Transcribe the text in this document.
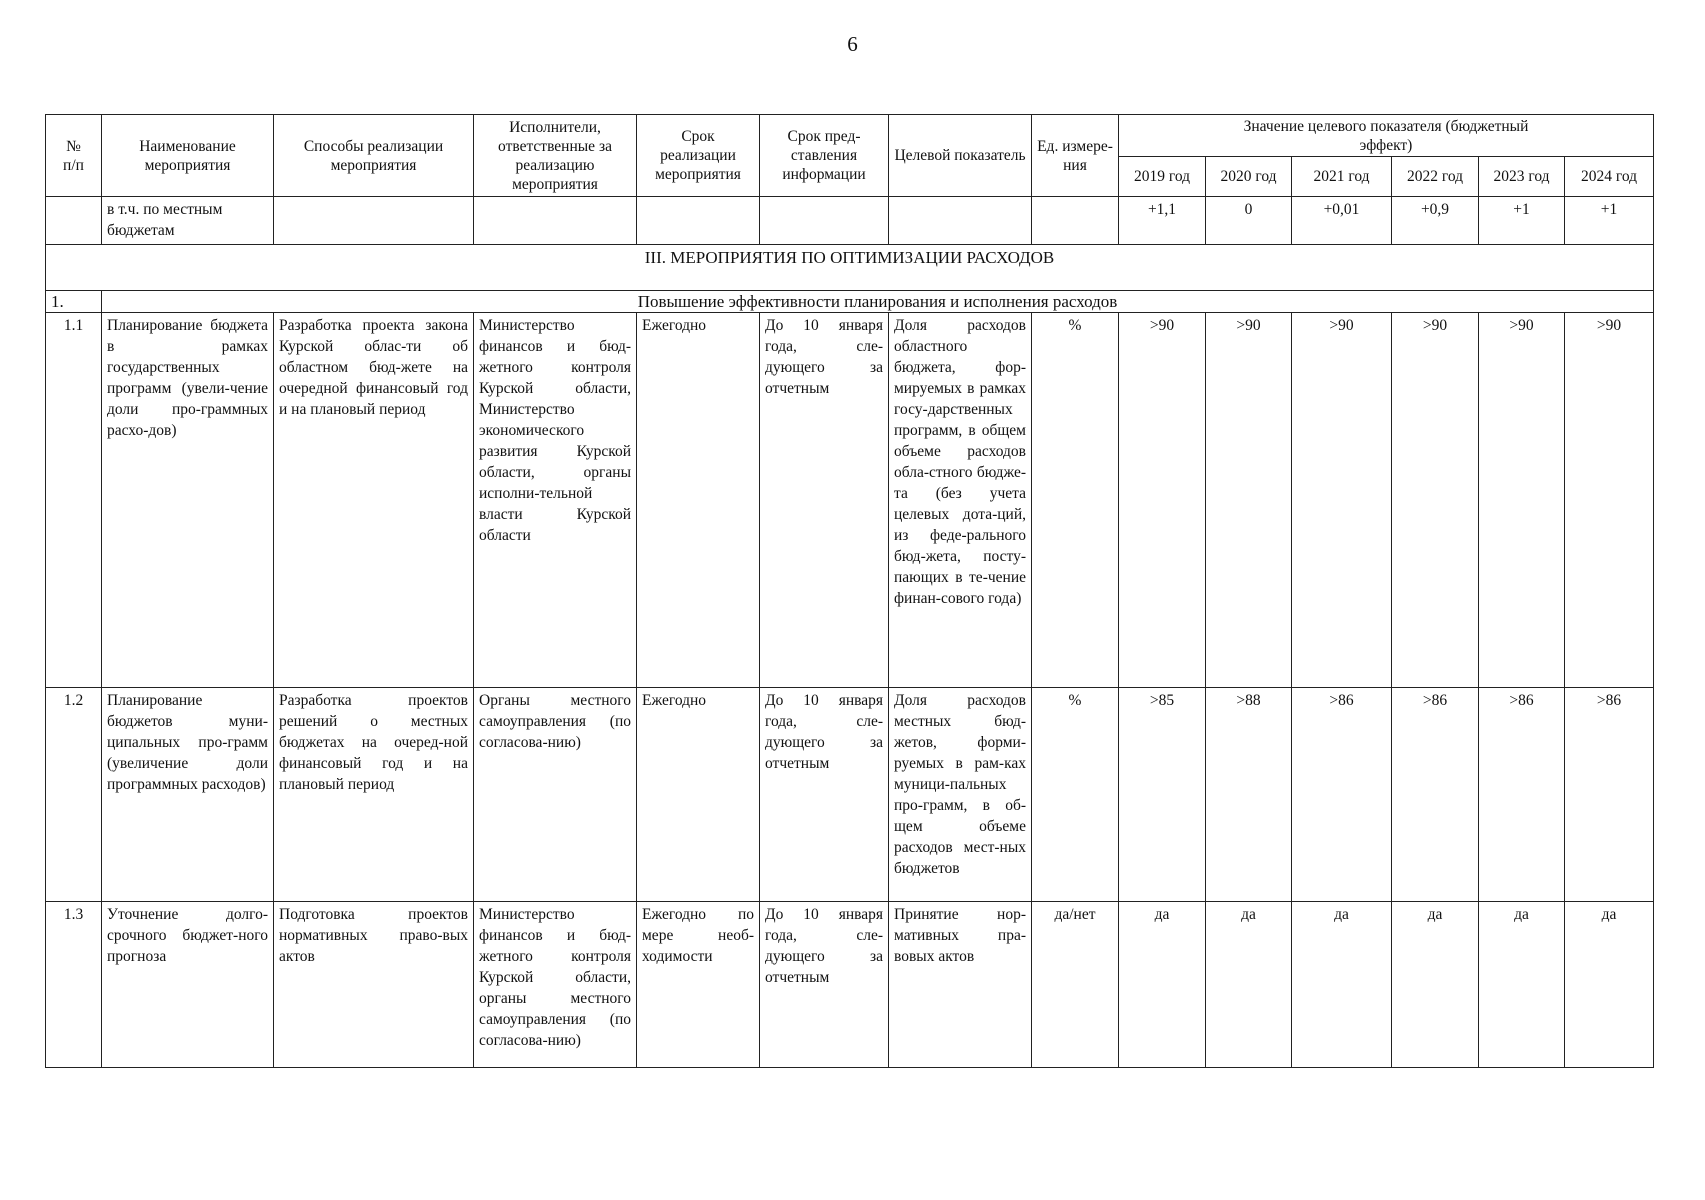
6
№
п/п	Наименование мероприятия	Способы реализации мероприятия	Исполнители, ответственные за реализацию мероприятия	Срок реализации мероприятия	Срок пред-ставления информации	Целевой показатель	Ед. измере-ния	Значение целевого показателя (бюджетный эффект)					
								2019 год	2020 год	2021 год	2022 год	2023 год	2024 год
	в т.ч. по местным бюджетам							+1,1	0	+0,01	+0,9	+1	+1
III. МЕРОПРИЯТИЯ ПО ОПТИМИЗАЦИИ РАСХОДОВ													
1.	Повышение эффективности планирования и исполнения расходов												
1.1	Планирование бюджета в рамках государственных программ (увели-чение доли про-граммных расхо-дов)	Разработка проекта закона Курской облас-ти об областном бюд-жете на очередной финансовый год и на плановый период	Министерство финансов и бюд-жетного контроля Курской области, Министерство экономического развития Курской области, органы исполни-тельной власти Курской области	Ежегодно	До 10 января года, сле-дующего за отчетным	Доля расходов областного бюджета, фор-мируемых в рамках госу-дарственных программ, в общем объеме расходов обла-стного бюдже-та (без учета целевых дота-ций, из феде-рального бюд-жета, посту-пающих в те-чение финан-сового года)	%	>90	>90	>90	>90	>90	>90
1.2	Планирование бюджетов муни-ципальных про-грамм (увеличение доли программных расходов)	Разработка проектов решений о местных бюджетах на очеред-ной финансовый год и на плановый период	Органы местного самоуправления (по согласова-нию)	Ежегодно	До 10 января года, сле-дующего за отчетным	Доля расходов местных бюд-жетов, форми-руемых в рам-ках муници-пальных про-грамм, в об-щем объеме расходов мест-ных бюджетов	%	>85	>88	>86	>86	>86	>86
1.3	Уточнение долго-срочного бюджет-ного прогноза	Подготовка проектов нормативных право-вых актов	Министерство финансов и бюд-жетного контроля Курской области, органы местного самоуправления (по согласова-нию)	Ежегодно по мере необ-ходимости	До 10 января года, сле-дующего за отчетным	Принятие нор-мативных пра-вовых актов	да/нет	да	да	да	да	да	да
